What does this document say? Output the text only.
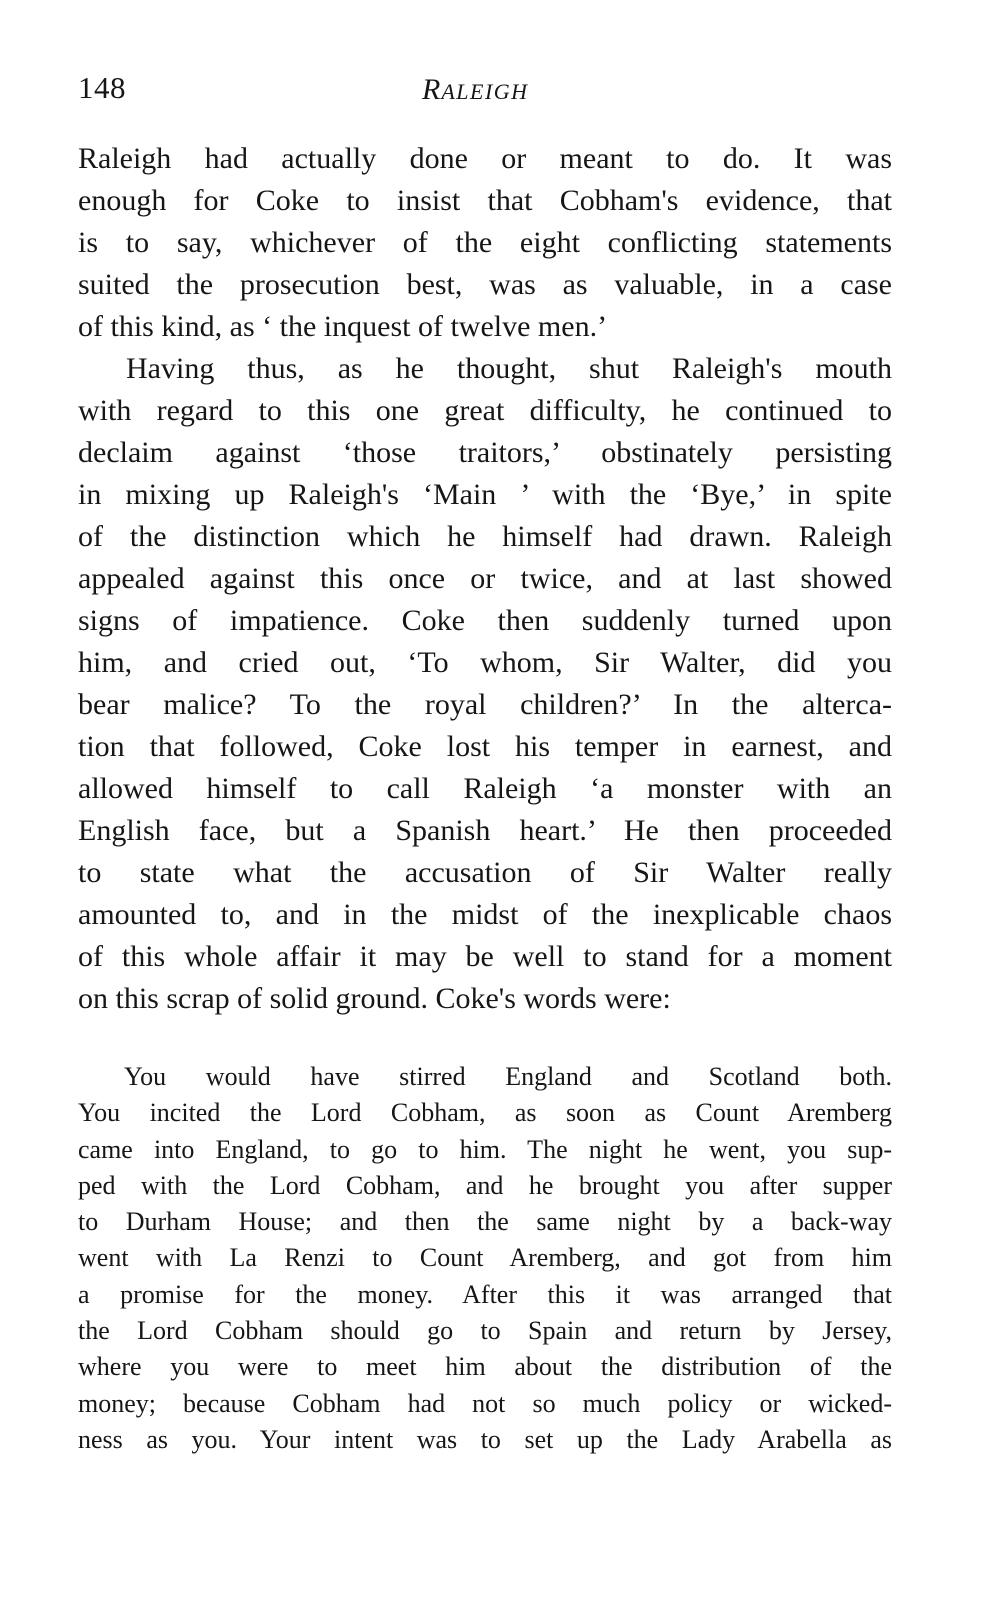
148	RALEIGH
Raleigh had actually done or meant to do. It was
enough for Coke to insist that Cobham's evidence, that
is to say, whichever of the eight conflicting statements
suited the prosecution best, was as valuable, in a case
of this kind, as ‘ the inquest of twelve men.’
Having thus, as he thought, shut Raleigh's mouth
with regard to this one great difficulty, he continued to
declaim against ‘those traitors,’ obstinately persisting
in mixing up Raleigh's ‘Main ’ with the ‘Bye,’ in spite
of the distinction which he himself had drawn. Raleigh
appealed against this once or twice, and at last showed
signs of impatience. Coke then suddenly turned upon
him, and cried out, ‘To whom, Sir Walter, did you
bear malice? To the royal children?’ In the alterca-
tion that followed, Coke lost his temper in earnest, and
allowed himself to call Raleigh ‘a monster with an
English face, but a Spanish heart.’ He then proceeded
to state what the accusation of Sir Walter really
amounted to, and in the midst of the inexplicable chaos
of this whole affair it may be well to stand for a moment
on this scrap of solid ground. Coke's words were:
You would have stirred England and Scotland both.
You incited the Lord Cobham, as soon as Count Aremberg
came into England, to go to him. The night he went, you sup-
ped with the Lord Cobham, and he brought you after supper
to Durham House; and then the same night by a back-way
went with La Renzi to Count Aremberg, and got from him
a promise for the money. After this it was arranged that
the Lord Cobham should go to Spain and return by Jersey,
where you were to meet him about the distribution of the
money; because Cobham had not so much policy or wicked-
ness as you. Your intent was to set up the Lady Arabella as
